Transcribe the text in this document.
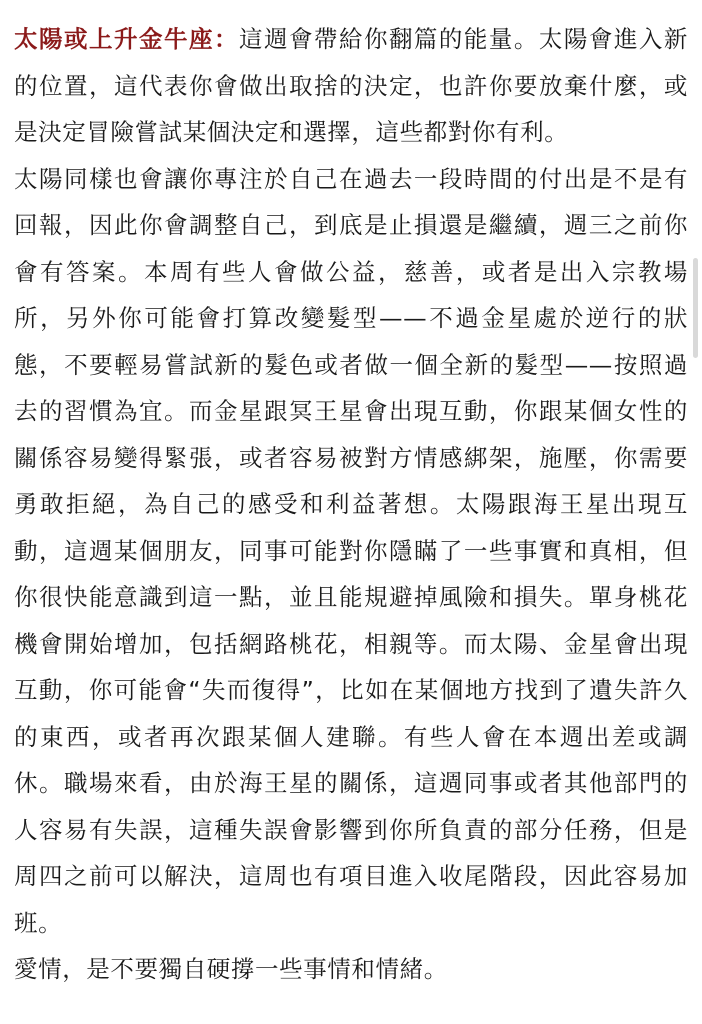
太陽或上升金牛座：這週會帶給你翻篇的能量。太陽會進入新的位置，這代表你會做出取捨的決定，也許你要放棄什麼，或是決定冒險嘗試某個決定和選擇，這些都對你有利。

太陽同樣也會讓你專注於自己在過去一段時間的付出是不是有回報，因此你會調整自己，到底是止損還是繼續，週三之前你會有答案。本周有些人會做公益，慈善，或者是出入宗教場所，另外你可能會打算改變髮型——不過金星處於逆行的狀態，不要輕易嘗試新的髮色或者做一個全新的髮型——按照過去的習慣為宜。而金星跟冥王星會出現互動，你跟某個女性的關係容易變得緊張，或者容易被對方情感綁架，施壓，你需要勇敢拒絕，為自己的感受和利益著想。太陽跟海王星出現互動，這週某個朋友，同事可能對你隱瞞了一些事實和真相，但你很快能意識到這一點，並且能規避掉風險和損失。單身桃花機會開始增加，包括網路桃花，相親等。而太陽、金星會出現互動，你可能會“失而復得”，比如在某個地方找到了遺失許久的東西，或者再次跟某個人建聯。有些人會在本週出差或調休。職場來看，由於海王星的關係，這週同事或者其他部門的人容易有失誤，這種失誤會影響到你所負責的部分任務，但是周四之前可以解決，這周也有項目進入收尾階段，因此容易加班。

愛情，是不要獨自硬撐一些事情和情緒。
